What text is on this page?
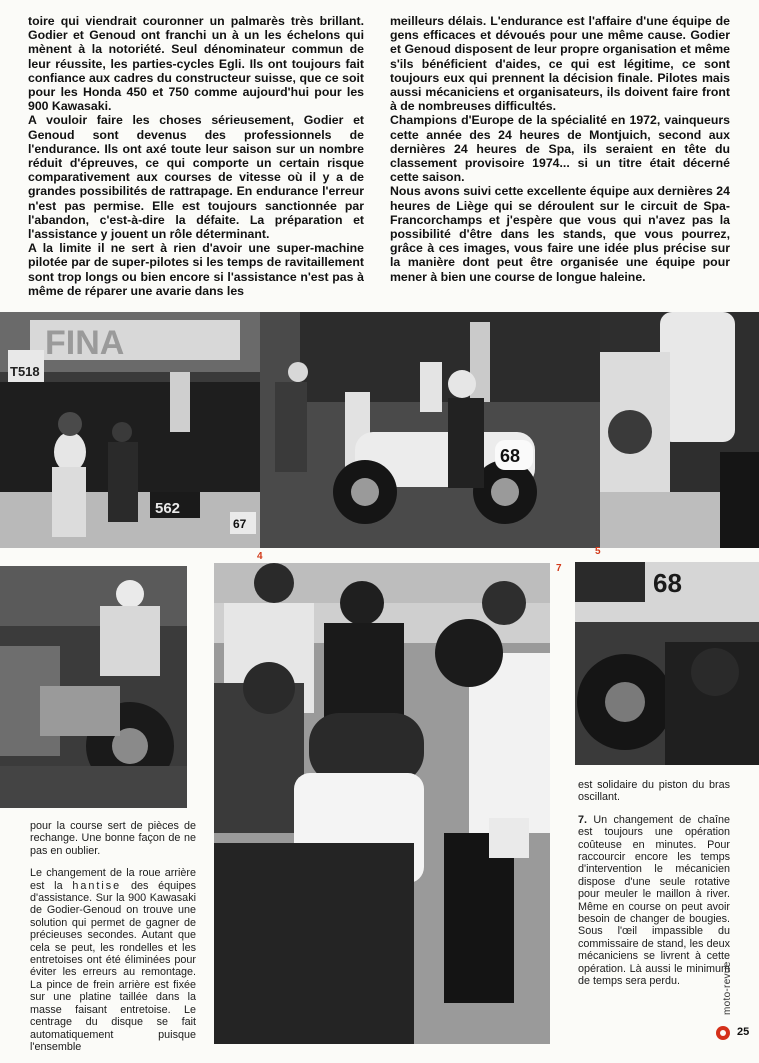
toire qui viendrait couronner un palmarès très brillant. Godier et Genoud ont franchi un à un les échelons qui mènent à la notoriété. Seul dénominateur commun de leur réussite, les parties-cycles Egli. Ils ont toujours fait confiance aux cadres du constructeur suisse, que ce soit pour les Honda 450 et 750 comme aujourd'hui pour les 900 Kawasaki.

A vouloir faire les choses sérieusement, Godier et Genoud sont devenus des professionnels de l'endurance. Ils ont axé toute leur saison sur un nombre réduit d'épreuves, ce qui comporte un certain risque comparativement aux courses de vitesse où il y a de grandes possibilités de rattrapage. En endurance l'erreur n'est pas permise. Elle est toujours sanctionnée par l'abandon, c'est-à-dire la défaite. La préparation et l'assistance y jouent un rôle déterminant.

A la limite il ne sert à rien d'avoir une super-machine pilotée par de super-pilotes si les temps de ravitaillement sont trop longs ou bien encore si l'assistance n'est pas à même de réparer une avarie dans les

meilleurs délais. L'endurance est l'affaire d'une équipe de gens efficaces et dévoués pour une même cause. Godier et Genoud disposent de leur propre organisation et même s'ils bénéficient d'aides, ce qui est légitime, ce sont toujours eux qui prennent la décision finale. Pilotes mais aussi mécaniciens et organisateurs, ils doivent faire front à de nombreuses difficultés.

Champions d'Europe de la spécialité en 1972, vainqueurs cette année des 24 heures de Montjuich, second aux dernières 24 heures de Spa, ils seraient en tête du classement provisoire 1974... si un titre était décerné cette saison.

Nous avons suivi cette excellente équipe aux dernières 24 heures de Liège qui se déroulent sur le circuit de Spa-Francorchamps et j'espère que vous qui n'avez pas la possibilité d'être dans les stands, que vous pourrez, grâce à ces images, vous faire une idée plus précise sur la manière dont peut être organisée une équipe pour mener à bien une course de longue haleine.

FINA
T518
562
67
68
4	5
7	68

pour la course sert de pièces de rechange. Une bonne façon de ne pas en oublier.

Le changement de la roue arrière est la hantise des équipes d'assistance. Sur la 900 Kawasaki de Godier-Genoud on trouve une solution qui permet de gagner de précieuses secondes. Autant que cela se peut, les rondelles et les entretoises ont été éliminées pour éviter les erreurs au remontage. La pince de frein arrière est fixée sur une platine taillée dans la masse faisant entretoise. Le centrage du disque se fait automatiquement puisque l'ensemble

est solidaire du piston du bras oscillant.

7. Un changement de chaîne est toujours une opération coûteuse en minutes. Pour raccourcir encore les temps d'intervention le mécanicien dispose d'une seule rotative pour meuler le maillon à river. Même en course on peut avoir besoin de changer de bougies. Sous l'œil impassible du commissaire de stand, les deux mécaniciens se livrent à cette opération. Là aussi le minimum de temps sera perdu.	moto-revue
25
